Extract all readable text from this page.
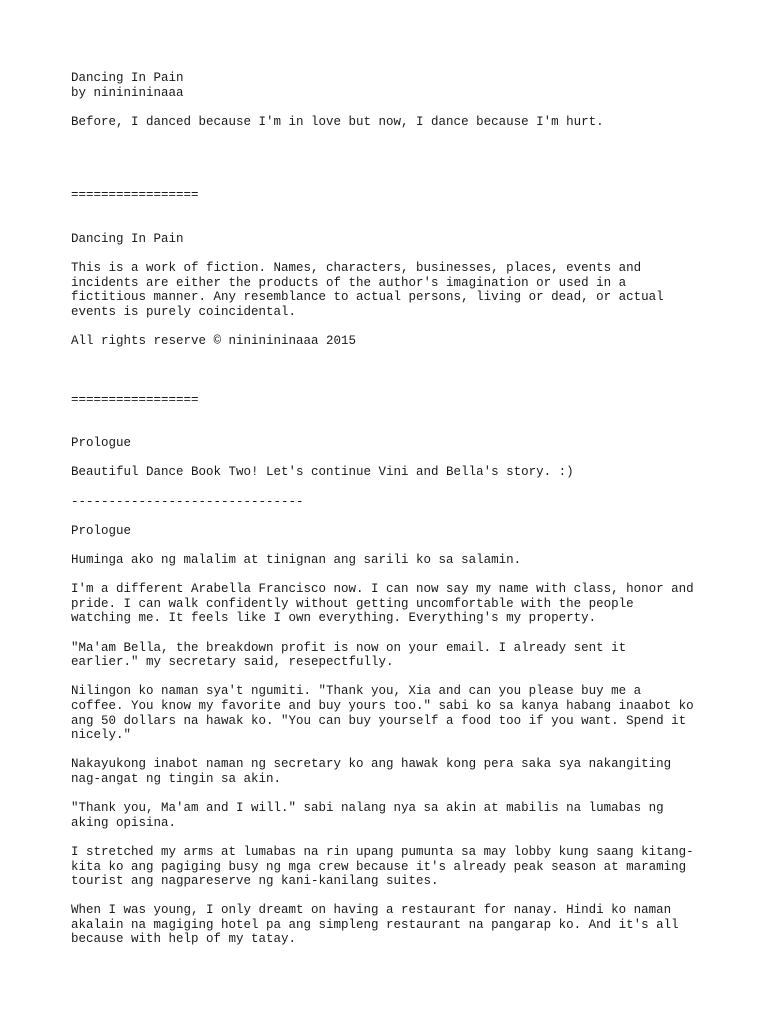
Dancing In Pain
by nininininaaa
Before, I danced because I'm in love but now, I dance because I'm hurt.
=================
Dancing In Pain
This is a work of fiction. Names, characters, businesses, places, events and
incidents are either the products of the author's imagination or used in a
fictitious manner. Any resemblance to actual persons, living or dead, or actual
events is purely coincidental.
All rights reserve © nininininaaa 2015
=================
Prologue
Beautiful Dance Book Two! Let's continue Vini and Bella's story. :)
-------------------------------
Prologue
Huminga ako ng malalim at tinignan ang sarili ko sa salamin.
I'm a different Arabella Francisco now. I can now say my name with class, honor and
pride. I can walk confidently without getting uncomfortable with the people
watching me. It feels like I own everything. Everything's my property.
"Ma'am Bella, the breakdown profit is now on your email. I already sent it
earlier." my secretary said, resepectfully.
Nilingon ko naman sya't ngumiti. "Thank you, Xia and can you please buy me a
coffee. You know my favorite and buy yours too." sabi ko sa kanya habang inaabot ko
ang 50 dollars na hawak ko. "You can buy yourself a food too if you want. Spend it
nicely."
Nakayukong inabot naman ng secretary ko ang hawak kong pera saka sya nakangiting
nag-angat ng tingin sa akin.
"Thank you, Ma'am and I will." sabi nalang nya sa akin at mabilis na lumabas ng
aking opisina.
I stretched my arms at lumabas na rin upang pumunta sa may lobby kung saang kitang-
kita ko ang pagiging busy ng mga crew because it's already peak season at maraming
tourist ang nagpareserve ng kani-kanilang suites.
When I was young, I only dreamt on having a restaurant for nanay. Hindi ko naman
akalain na magiging hotel pa ang simpleng restaurant na pangarap ko. And it's all
because with help of my tatay.
